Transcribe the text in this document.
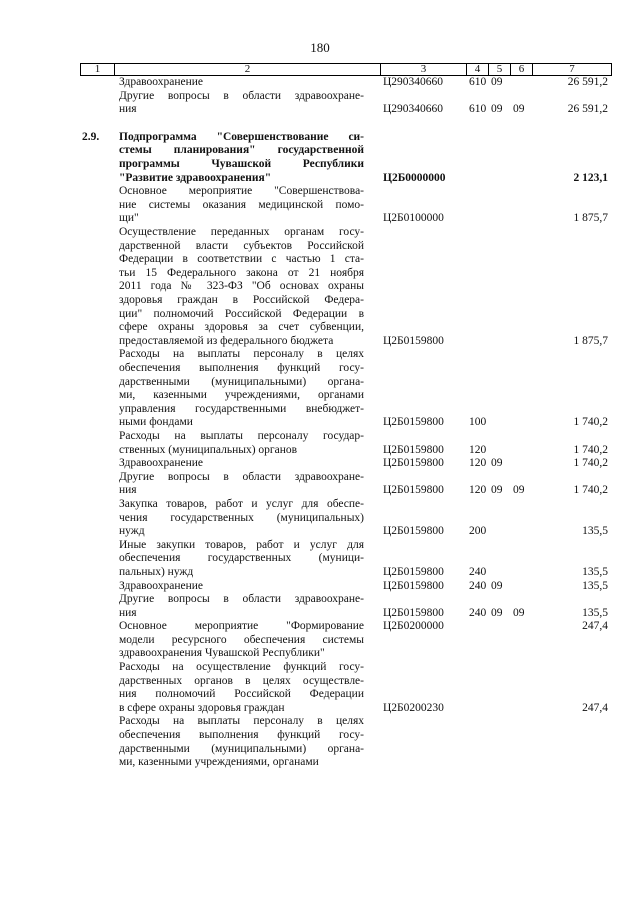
180
1	2	3	4	5	6	7
Здравоохранение	Ц290340660 610 09	26 591,2
Другие вопросы в области здравоохране-
ния	Ц290340660 610 09 09	26 591,2
2.9. Подпрограмма "Совершенствование си-
стемы планирования" государственной
программы Чувашской Республики
"Развитие здравоохранения"	Ц2Б0000000	2 123,1
Основное мероприятие "Совершенствова-
ние системы оказания медицинской помо-
щи"	Ц2Б0100000	1 875,7
Осуществление переданных органам госу-
дарственной власти субъектов Российской
Федерации в соответствии с частью 1 ста-
тьи 15 Федерального закона от 21 ноября
2011 года № 323-ФЗ "Об основах охраны
здоровья граждан в Российской Федера-
ции" полномочий Российской Федерации в
сфере охраны здоровья за счет субвенции,
предоставляемой из федерального бюджета	Ц2Б0159800	1 875,7
Расходы на выплаты персоналу в целях
обеспечения выполнения функций госу-
дарственными (муниципальными) органа-
ми, казенными учреждениями, органами
управления государственными внебюджет-
ными фондами	Ц2Б0159800 100	1 740,2
Расходы на выплаты персоналу государ-
ственных (муниципальных) органов	Ц2Б0159800 120	1 740,2
Здравоохранение	Ц2Б0159800 120 09	1 740,2
Другие вопросы в области здравоохране-
ния	Ц2Б0159800 120 09 09	1 740,2
Закупка товаров, работ и услуг для обеспе-
чения государственных (муниципальных)
нужд	Ц2Б0159800 200	135,5
Иные закупки товаров, работ и услуг для
обеспечения государственных (муници-
пальных) нужд	Ц2Б0159800 240	135,5
Здравоохранение	Ц2Б0159800 240 09	135,5
Другие вопросы в области здравоохране-
ния	Ц2Б0159800 240 09 09	135,5
Основное мероприятие "Формирование
модели ресурсного обеспечения системы
здравоохранения Чувашской Республики"
Ц2Б0200000	247,4
Расходы на осуществление функций госу-
дарственных органов в целях осуществле-
ния полномочий Российской Федерации
в сфере охраны здоровья граждан	Ц2Б0200230	247,4
Расходы на выплаты персоналу в целях
обеспечения выполнения функций госу-
дарственными (муниципальными) органа-
ми, казенными учреждениями, органами
